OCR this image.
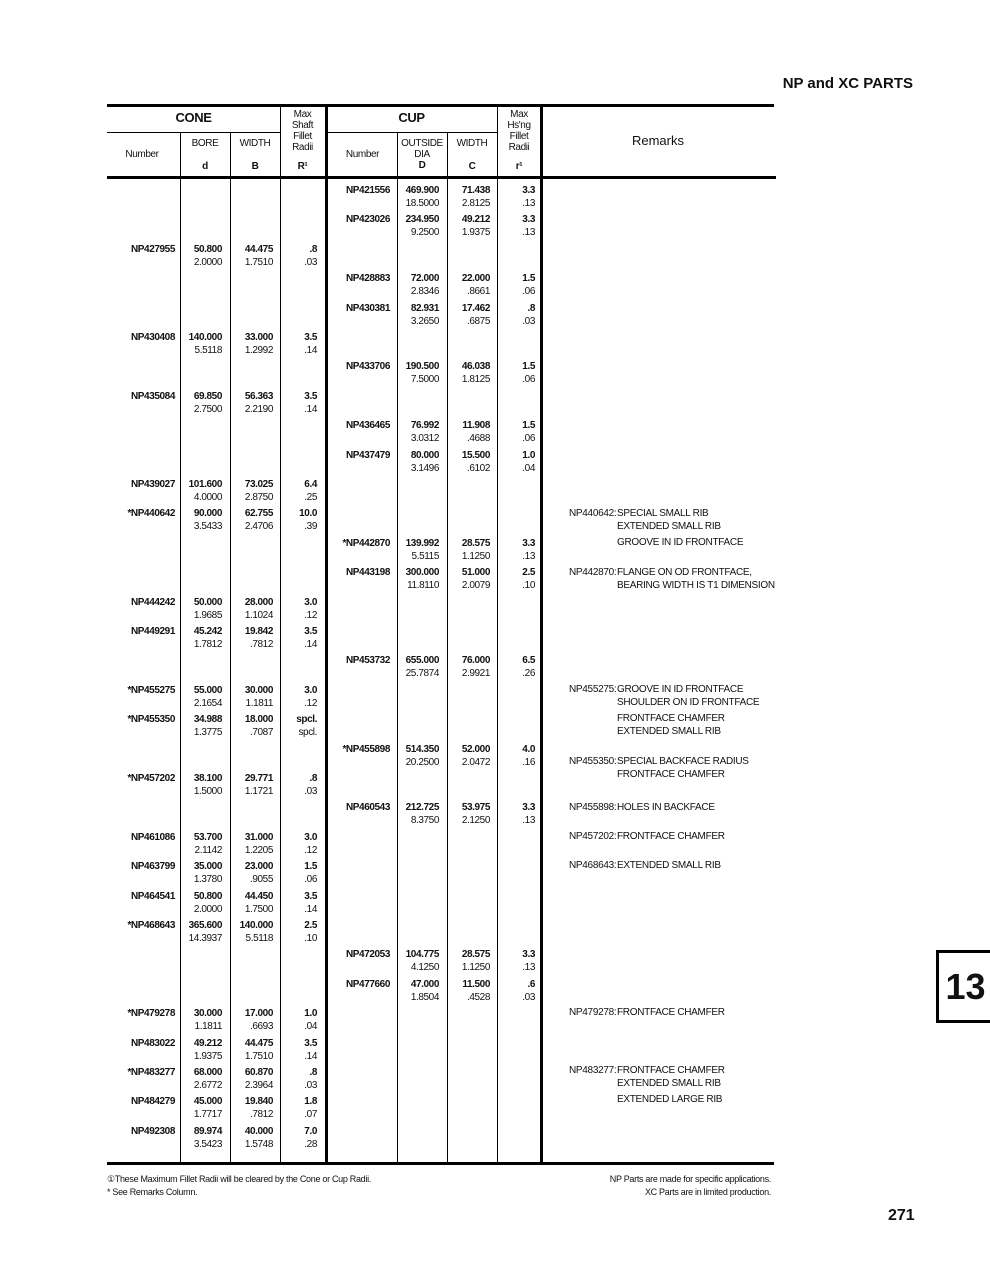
NP and XC PARTS
CONE	CUP
Number
BORE
d
WIDTH
B
Max
Shaft
Fillet
Radii
R¹
Number
OUTSIDE
DIA
D
WIDTH
C
Max
Hs'ng
Fillet
Radii
r¹
Remarks
NP421556 469.900
18.5000
71.438
2.8125
3.3
.13
NP423026 234.950
9.2500
49.212
1.9375
3.3
.13
NP427955 50.800
2.0000
44.475
1.7510
.8
.03
NP428883 72.000
2.8346
22.000
.8661
1.5
.06
NP430381 82.931
3.2650
17.462
.6875
.8
.03
NP430408 140.000
5.5118
33.000
1.2992
3.5
.14
NP433706 190.500
7.5000
46.038
1.8125
1.5
.06
NP435084 69.850
2.7500
56.363
2.2190
3.5
.14
NP436465 76.992
3.0312
11.908
.4688
1.5
.06
NP437479 80.000
3.1496
15.500
.6102
1.0
.04
NP439027 101.600
4.0000
73.025
2.8750
6.4
.25
*NP440642 90.000
3.5433
62.755
2.4706
10.0
.39
*NP442870 139.992
5.5115
28.575
1.1250
3.3
.13
NP443198 300.000
11.8110
51.000
2.0079
2.5
.10
NP444242 50.000
1.9685
28.000
1.1024
3.0
.12
NP449291 45.242
1.7812
19.842
.7812
3.5
.14
NP453732 655.000
25.7874
76.000
2.9921
6.5
.26
*NP455275 55.000
2.1654
30.000
1.1811
3.0
.12
*NP455350 34.988
1.3775
18.000
.7087
spcl.
spcl.
*NP455898 514.350
20.2500
52.000
2.0472
4.0
.16
*NP457202 38.100
1.5000
29.771
1.1721
.8
.03
NP460543 212.725
8.3750
53.975
2.1250
3.3
.13
NP461086 53.700
2.1142
31.000
1.2205
3.0
.12
NP463799 35.000
1.3780
23.000
.9055
1.5
.06
NP464541 50.800
2.0000
44.450
1.7500
3.5
.14
*NP468643 365.600
14.3937
140.000
5.5118
2.5
.10
NP472053 104.775
4.1250
28.575
1.1250
3.3
.13
NP477660 47.000
1.8504
11.500
.4528
.6
.03
*NP479278 30.000
1.1811
17.000
.6693
1.0
.04
NP483022 49.212
1.9375
44.475
1.7510
3.5
.14
*NP483277 68.000
2.6772
60.870
2.3964
.8
.03
NP484279 45.000
1.7717
19.840
.7812
1.8
.07
NP492308 89.974
3.5423
40.000
1.5748
7.0
.28
NP440642:SPECIAL SMALL RIB
EXTENDED SMALL RIB
GROOVE IN ID FRONTFACE
NP442870:FLANGE ON OD FRONTFACE,
BEARING WIDTH IS T1 DIMENSION
NP455275:GROOVE IN ID FRONTFACE
SHOULDER ON ID FRONTFACE
FRONTFACE CHAMFER
EXTENDED SMALL RIB
NP455350:SPECIAL BACKFACE RADIUS
FRONTFACE CHAMFER
NP455898:HOLES IN BACKFACE
NP457202:FRONTFACE CHAMFER
NP468643:EXTENDED SMALL RIB
NP479278:FRONTFACE CHAMFER
NP483277:FRONTFACE CHAMFER
EXTENDED SMALL RIB
EXTENDED LARGE RIB
①These Maximum Fillet Radii will be cleared by the Cone or Cup Radii.
* See Remarks Column.
NP Parts are made for specific applications.
XC Parts are in limited production.
13
271
